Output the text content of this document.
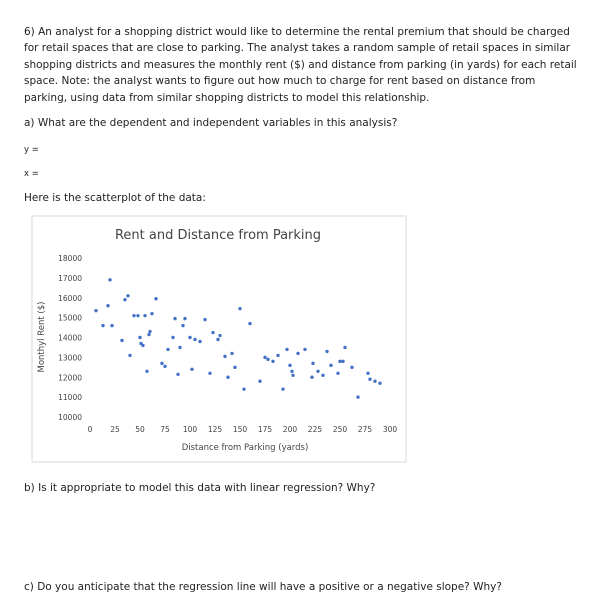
6) An analyst for a shopping district would like to determine the rental premium that should be charged
for retail spaces that are close to parking. The analyst takes a random sample of retail spaces in similar
shopping districts and measures the monthly rent ($) and distance from parking (in yards) for each retail
space. Note: the analyst wants to figure out how much to charge for rent based on distance from
parking, using data from similar shopping districts to model this relationship.
a) What are the dependent and independent variables in this analysis?
y =
x =
Here is the scatterplot of the data:
Rent and Distance from Parking
10000
11000
12000
13000
14000
15000
16000
17000
18000
0 25 50 75 100 125 150 175 200 225 250 275 300
Monthyl Rent ($)
Distance from Parking (yards)
b) Is it appropriate to model this data with linear regression? Why?
c) Do you anticipate that the regression line will have a positive or a negative slope? Why?
